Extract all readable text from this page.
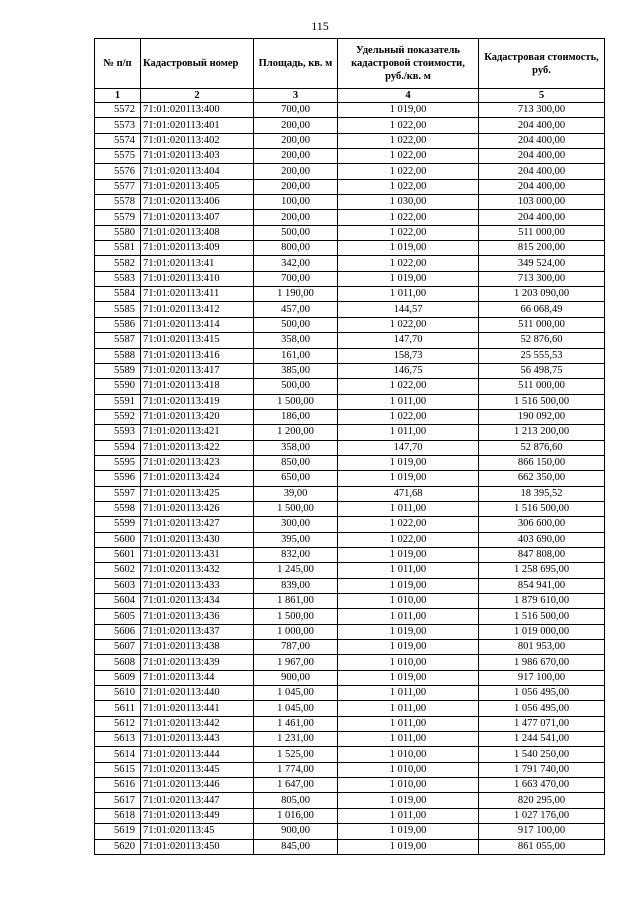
115
№ п/п	Кадастровый номер	Площадь, кв. м	Удельный показатель кадастровой стоимости, руб./кв. м	Кадастровая стоимость, руб.
1	2	3	4	5
5572	71:01:020113:400	700,00	1 019,00	713 300,00
5573	71:01:020113:401	200,00	1 022,00	204 400,00
5574	71:01:020113:402	200,00	1 022,00	204 400,00
5575	71:01:020113:403	200,00	1 022,00	204 400,00
5576	71:01:020113:404	200,00	1 022,00	204 400,00
5577	71:01:020113:405	200,00	1 022,00	204 400,00
5578	71:01:020113:406	100,00	1 030,00	103 000,00
5579	71:01:020113:407	200,00	1 022,00	204 400,00
5580	71:01:020113:408	500,00	1 022,00	511 000,00
5581	71:01:020113:409	800,00	1 019,00	815 200,00
5582	71:01:020113:41	342,00	1 022,00	349 524,00
5583	71:01:020113:410	700,00	1 019,00	713 300,00
5584	71:01:020113:411	1 190,00	1 011,00	1 203 090,00
5585	71:01:020113:412	457,00	144,57	66 068,49
5586	71:01:020113:414	500,00	1 022,00	511 000,00
5587	71:01:020113:415	358,00	147,70	52 876,60
5588	71:01:020113:416	161,00	158,73	25 555,53
5589	71:01:020113:417	385,00	146,75	56 498,75
5590	71:01:020113:418	500,00	1 022,00	511 000,00
5591	71:01:020113:419	1 500,00	1 011,00	1 516 500,00
5592	71:01:020113:420	186,00	1 022,00	190 092,00
5593	71:01:020113:421	1 200,00	1 011,00	1 213 200,00
5594	71:01:020113:422	358,00	147,70	52 876,60
5595	71:01:020113:423	850,00	1 019,00	866 150,00
5596	71:01:020113:424	650,00	1 019,00	662 350,00
5597	71:01:020113:425	39,00	471,68	18 395,52
5598	71:01:020113:426	1 500,00	1 011,00	1 516 500,00
5599	71:01:020113:427	300,00	1 022,00	306 600,00
5600	71:01:020113:430	395,00	1 022,00	403 690,00
5601	71:01:020113:431	832,00	1 019,00	847 808,00
5602	71:01:020113:432	1 245,00	1 011,00	1 258 695,00
5603	71:01:020113:433	839,00	1 019,00	854 941,00
5604	71:01:020113:434	1 861,00	1 010,00	1 879 610,00
5605	71:01:020113:436	1 500,00	1 011,00	1 516 500,00
5606	71:01:020113:437	1 000,00	1 019,00	1 019 000,00
5607	71:01:020113:438	787,00	1 019,00	801 953,00
5608	71:01:020113:439	1 967,00	1 010,00	1 986 670,00
5609	71:01:020113:44	900,00	1 019,00	917 100,00
5610	71:01:020113:440	1 045,00	1 011,00	1 056 495,00
5611	71:01:020113:441	1 045,00	1 011,00	1 056 495,00
5612	71:01:020113:442	1 461,00	1 011,00	1 477 071,00
5613	71:01:020113:443	1 231,00	1 011,00	1 244 541,00
5614	71:01:020113:444	1 525,00	1 010,00	1 540 250,00
5615	71:01:020113:445	1 774,00	1 010,00	1 791 740,00
5616	71:01:020113:446	1 647,00	1 010,00	1 663 470,00
5617	71:01:020113:447	805,00	1 019,00	820 295,00
5618	71:01:020113:449	1 016,00	1 011,00	1 027 176,00
5619	71:01:020113:45	900,00	1 019,00	917 100,00
5620	71:01:020113:450	845,00	1 019,00	861 055,00
